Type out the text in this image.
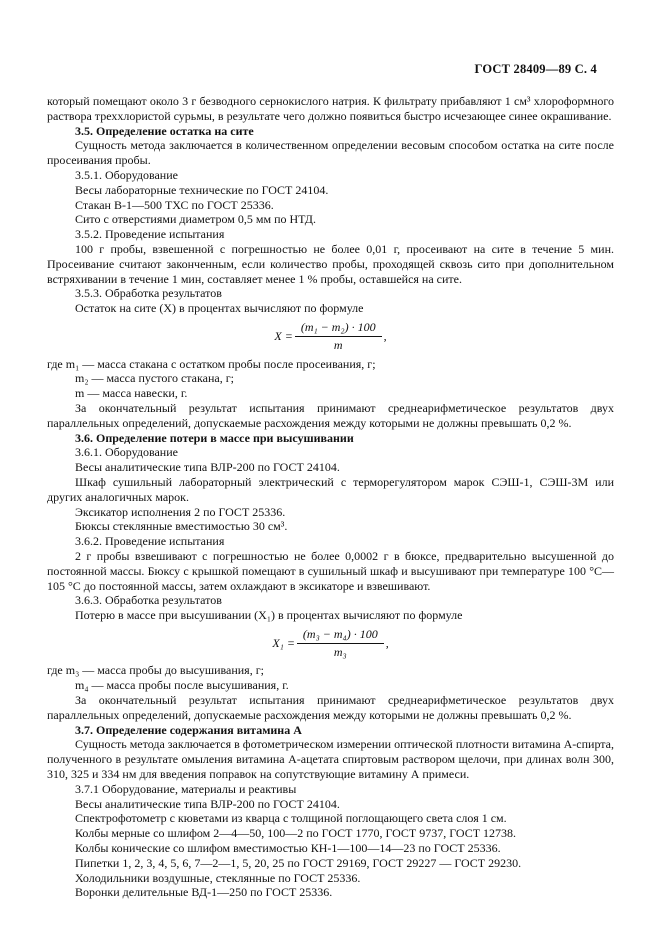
ГОСТ 28409—89 С. 4

который помещают около 3 г безводного сернокислого натрия. К фильтрату прибавляют 1 см³ хлороформного раствора треххлористой сурьмы, в результате чего должно появиться быстро исчезающее синее окрашивание.

3.5. Определение остатка на сите

Сущность метода заключается в количественном определении весовым способом остатка на сите после просеивания пробы.

3.5.1. Оборудование

Весы лабораторные технические по ГОСТ 24104.

Стакан В-1—500 ТХС по ГОСТ 25336.

Сито с отверстиями диаметром 0,5 мм по НТД.

3.5.2. Проведение испытания

100 г пробы, взвешенной с погрешностью не более 0,01 г, просеивают на сите в течение 5 мин. Просеивание считают законченным, если количество пробы, проходящей сквозь сито при дополнительном встряхивании в течение 1 мин, составляет менее 1 % пробы, оставшейся на сите.

3.5.3. Обработка результатов

Остаток на сите (X) в процентах вычисляют по формуле

$X = \frac{\text{(m₁ − m₂) · 100}}{m}$ ,

где m₁ — масса стакана с остатком пробы после просеивания, г;

m₂ — масса пустого стакана, г;

m — масса навески, г.

За окончательный результат испытания принимают среднеарифметическое результатов двух параллельных определений, допускаемые расхождения между которыми не должны превышать 0,2 %.

3.6. Определение потери в массе при высушивании

3.6.1. Оборудование

Весы аналитические типа ВЛР-200 по ГОСТ 24104.

Шкаф сушильный лабораторный электрический с терморегулятором марок СЭШ-1, СЭШ-3М или других аналогичных марок.

Эксикатор исполнения 2 по ГОСТ 25336.

Бюксы стеклянные вместимостью 30 см³.

3.6.2. Проведение испытания

2 г пробы взвешивают с погрешностью не более 0,0002 г в бюксе, предварительно высушенной до постоянной массы. Бюксу с крышкой помещают в сушильный шкаф и высушивают при температуре 100 °С—105 °С до постоянной массы, затем охлаждают в эксикаторе и взвешивают.

3.6.3. Обработка результатов

Потерю в массе при высушивании (X₁) в процентах вычисляют по формуле

$X_1 = \frac{\text{(m₃ − m₄) · 100}}{\text{m₃}}$ ,

где m₃ — масса пробы до высушивания, г;

m₄ — масса пробы после высушивания, г.

За окончательный результат испытания принимают среднеарифметическое результатов двух параллельных определений, допускаемые расхождения между которыми не должны превышать 0,2 %.

3.7. Определение содержания витамина А

Сущность метода заключается в фотометрическом измерении оптической плотности витамина А-спирта, полученного в результате омыления витамина А-ацетата спиртовым раствором щелочи, при длинах волн 300, 310, 325 и 334 нм для введения поправок на сопутствующие витамину А примеси.

3.7.1 Оборудование, материалы и реактивы

Весы аналитические типа ВЛР-200 по ГОСТ 24104.

Спектрофотометр с кюветами из кварца с толщиной поглощающего света слоя 1 см.

Колбы мерные со шлифом 2—4—50, 100—2 по ГОСТ 1770, ГОСТ 9737, ГОСТ 12738.

Колбы конические со шлифом вместимостью КН-1—100—14—23 по ГОСТ 25336.

Пипетки 1, 2, 3, 4, 5, 6, 7—2—1, 5, 20, 25 по ГОСТ 29169, ГОСТ 29227 — ГОСТ 29230.

Холодильники воздушные, стеклянные по ГОСТ 25336.

Воронки делительные ВД-1—250 по ГОСТ 25336.
